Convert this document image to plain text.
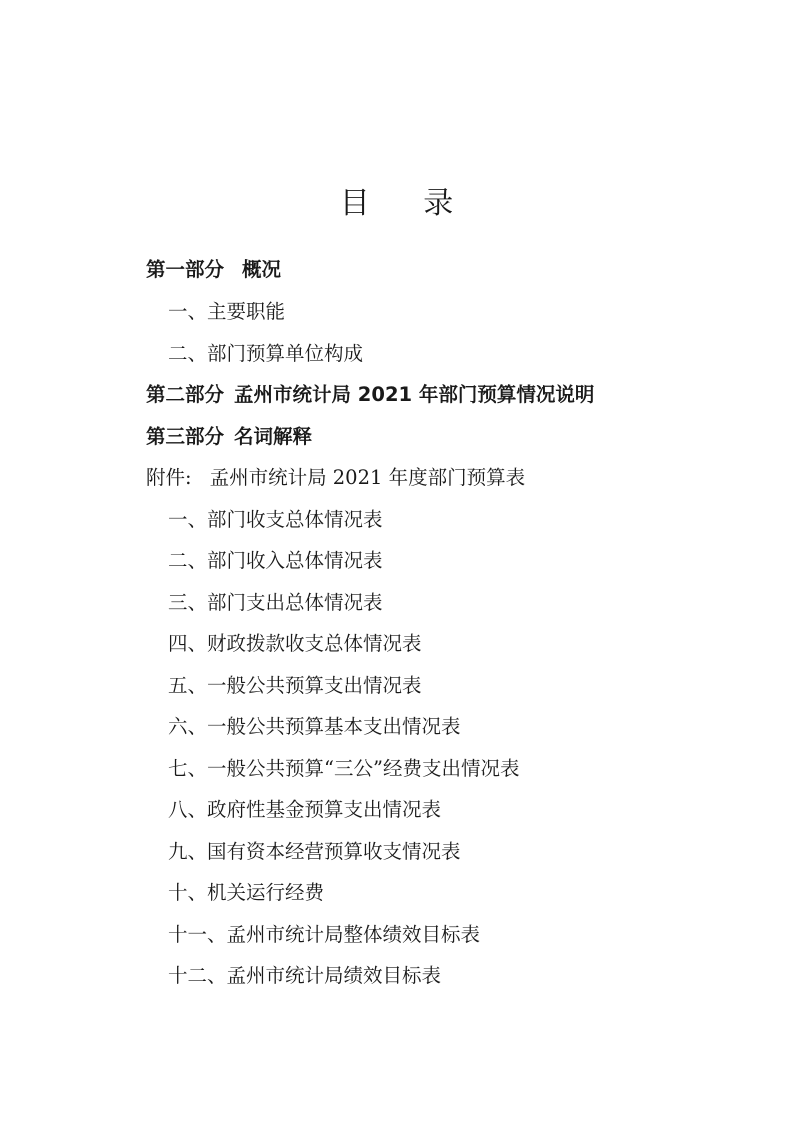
目 录
第一部分 概况
一、主要职能
二、部门预算单位构成
第二部分 孟州市统计局 2021 年部门预算情况说明
第三部分 名词解释
附件: 孟州市统计局 2021 年度部门预算表
一、部门收支总体情况表
二、部门收入总体情况表
三、部门支出总体情况表
四、财政拨款收支总体情况表
五、一般公共预算支出情况表
六、一般公共预算基本支出情况表
七、一般公共预算“三公”经费支出情况表
八、政府性基金预算支出情况表
九、国有资本经营预算收支情况表
十、机关运行经费
十一、孟州市统计局整体绩效目标表
十二、孟州市统计局绩效目标表
